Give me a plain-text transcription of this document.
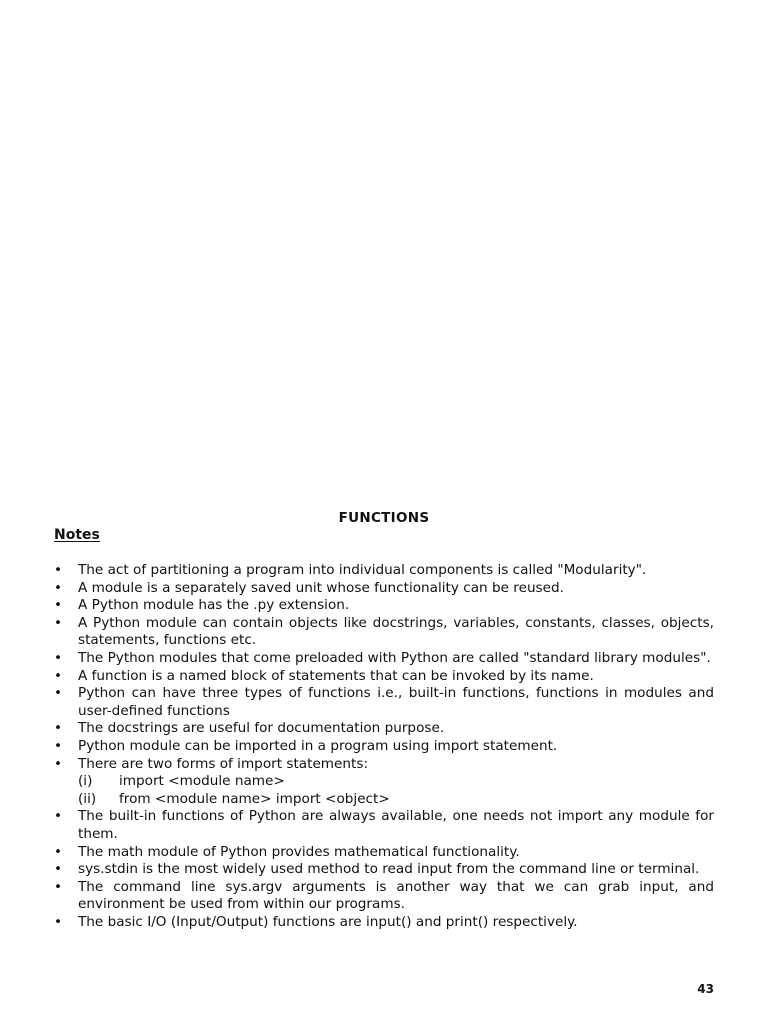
FUNCTIONS
Notes
• The act of partitioning a program into individual components is called "Modularity".
• A module is a separately saved unit whose functionality can be reused.
• A Python module has the .py extension.
• A Python module can contain objects like docstrings, variables, constants, classes, objects, statements, functions etc.
• The Python modules that come preloaded with Python are called "standard library modules".
• A function is a named block of statements that can be invoked by its name.
• Python can have three types of functions i.e., built-in functions, functions in modules and user-defined functions
• The docstrings are useful for documentation purpose.
• Python module can be imported in a program using import statement.
• There are two forms of import statements:
(i)	import <module name>
(ii)	from <module name> import <object>
• The built-in functions of Python are always available, one needs not import any module for them.
• The math module of Python provides mathematical functionality.
• sys.stdin is the most widely used method to read input from the command line or terminal.
• The command line sys.argv arguments is another way that we can grab input, and environment be used from within our programs.
• The basic I/O (Input/Output) functions are input() and print() respectively.
43
